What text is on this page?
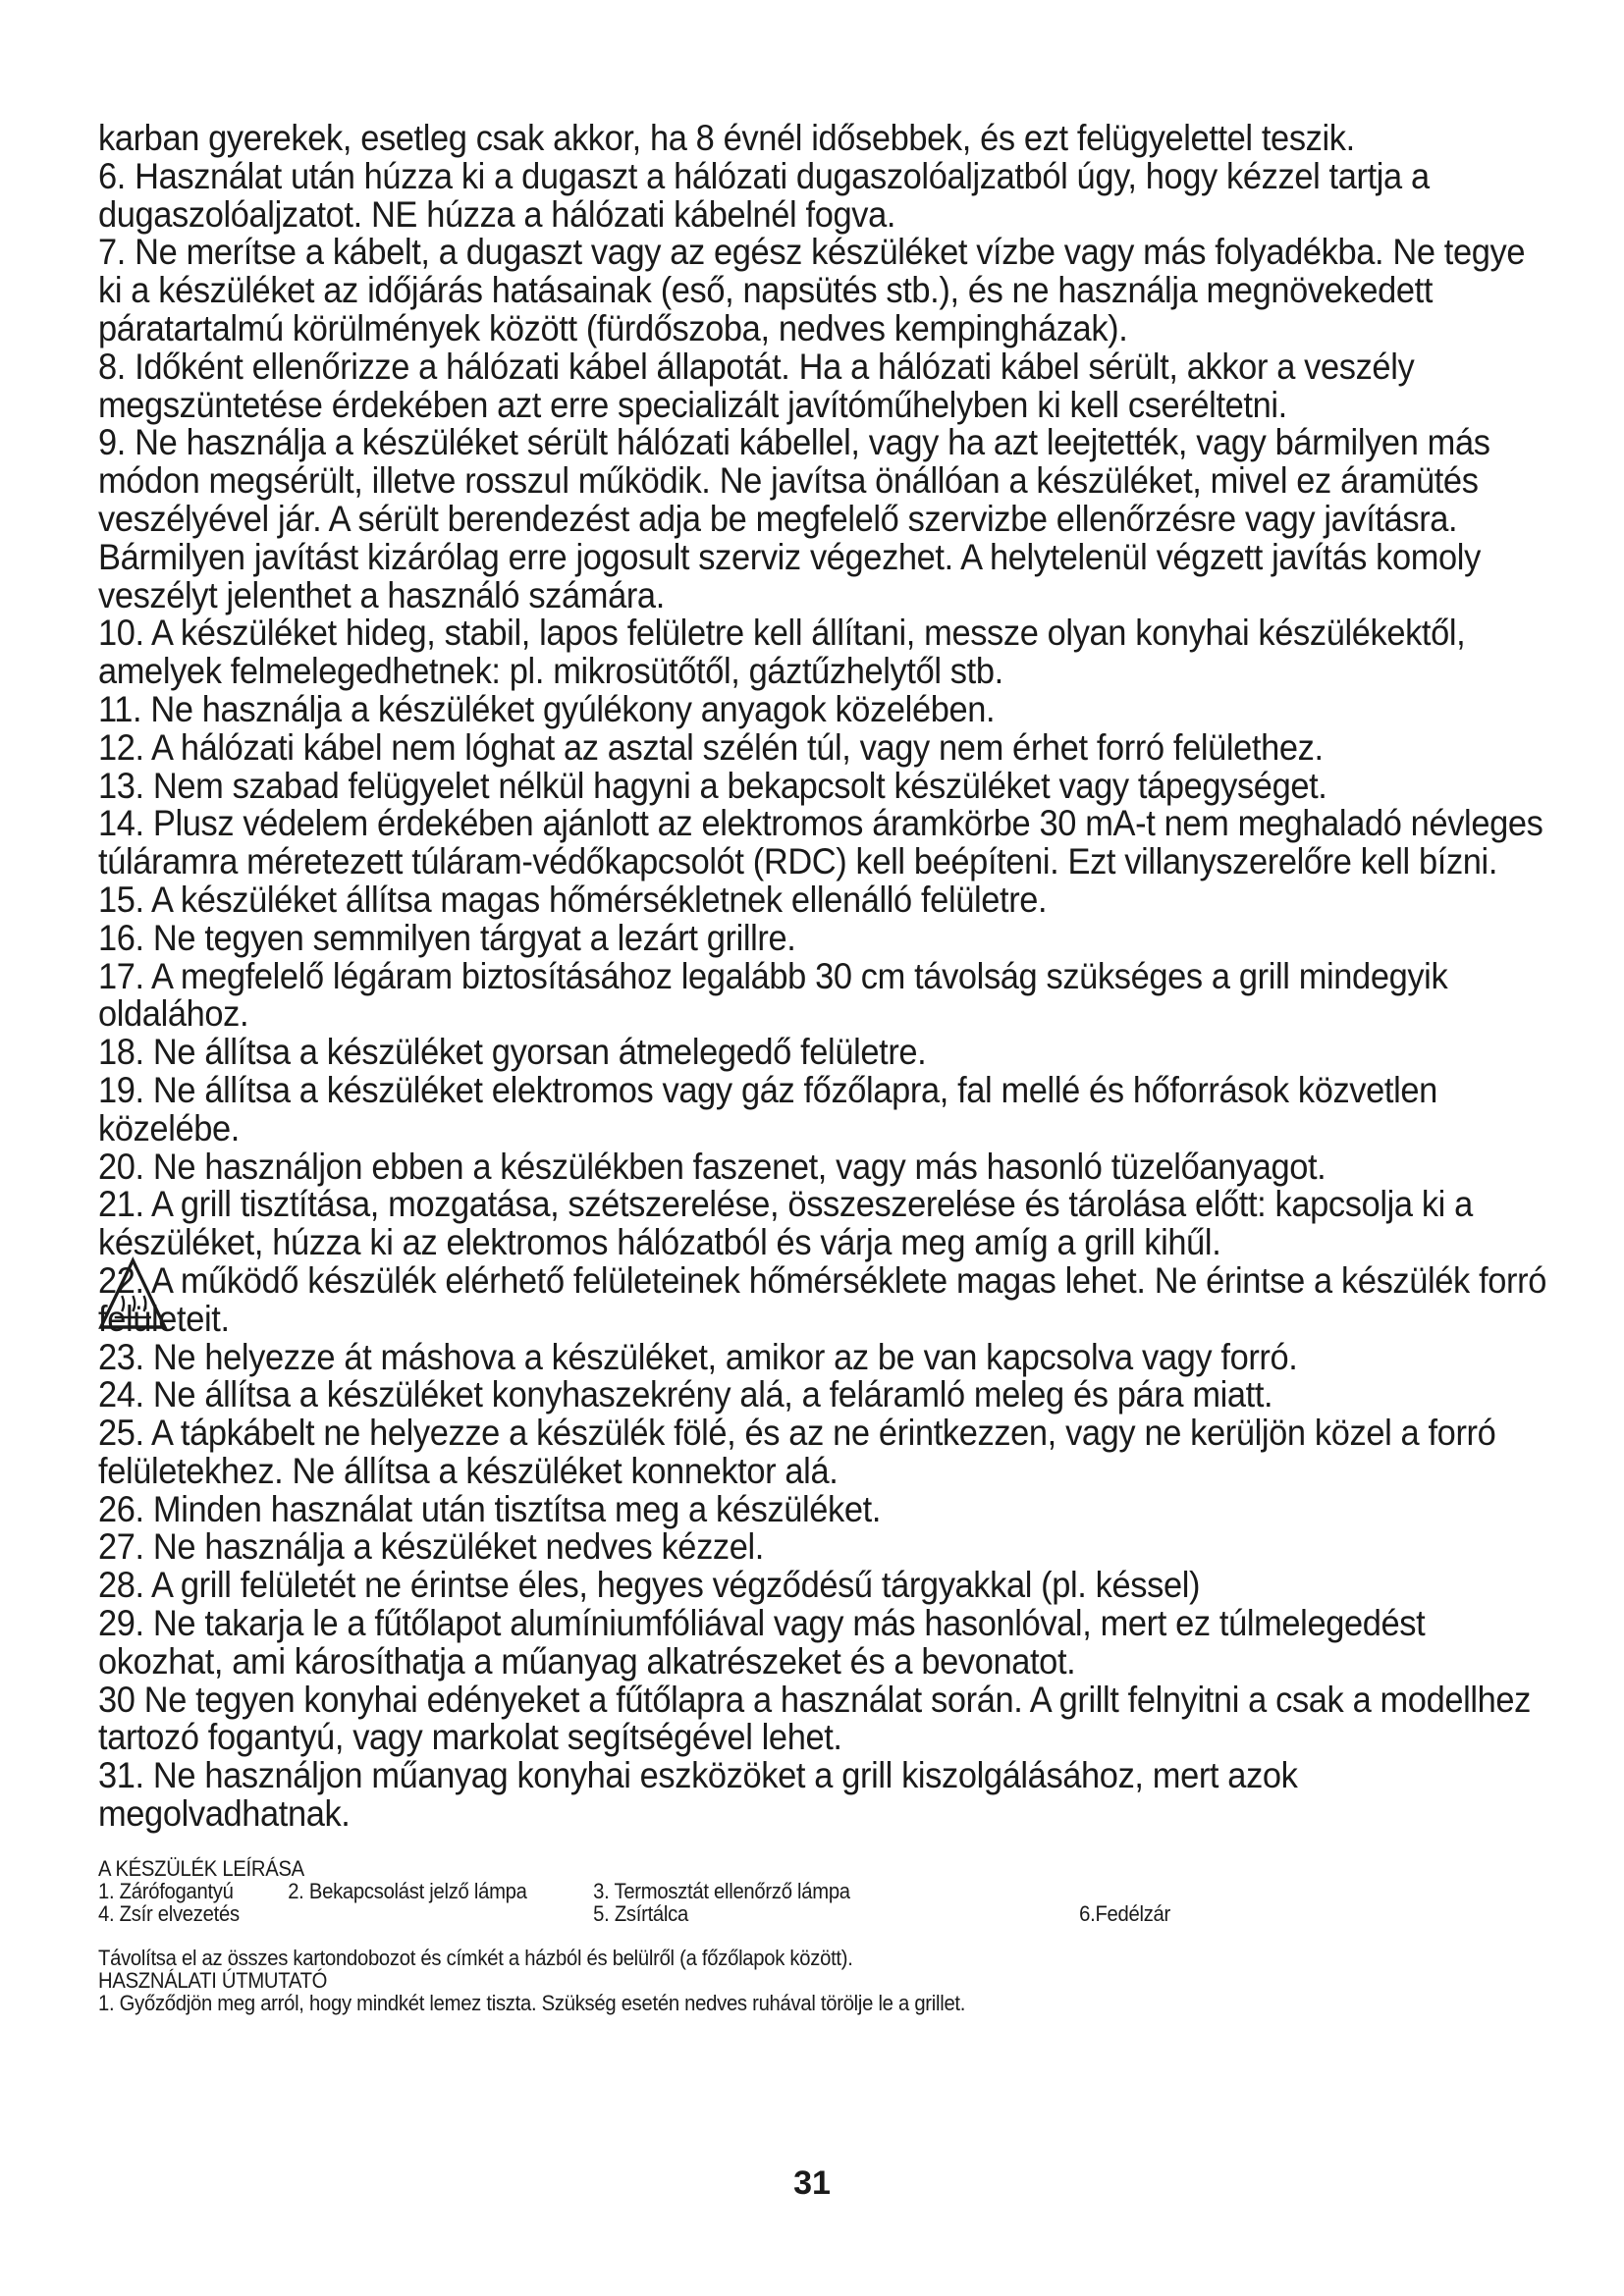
karban gyerekek, esetleg csak akkor, ha 8 évnél idősebbek, és ezt felügyelettel teszik.

6. Használat után húzza ki a dugaszt a hálózati dugaszolóaljzatból úgy, hogy kézzel tartja a dugaszolóaljzatot. NE húzza a hálózati kábelnél fogva.

7. Ne merítse a kábelt, a dugaszt vagy az egész készüléket vízbe vagy más folyadékba. Ne tegye ki a készüléket az időjárás hatásainak (eső, napsütés stb.), és ne használja megnövekedett páratartalmú körülmények között (fürdőszoba, nedves kempingházak).

8. Időként ellenőrizze a hálózati kábel állapotát. Ha a hálózati kábel sérült, akkor a veszély megszüntetése érdekében azt erre specializált javítóműhelyben ki kell cseréltetni.

9. Ne használja a készüléket sérült hálózati kábellel, vagy ha azt leejtették, vagy bármilyen más módon megsérült, illetve rosszul működik. Ne javítsa önállóan a készüléket, mivel ez áramütés veszélyével jár. A sérült berendezést adja be megfelelő szervizbe ellenőrzésre vagy javításra. Bármilyen javítást kizárólag erre jogosult szerviz végezhet. A helytelenül végzett javítás komoly veszélyt jelenthet a használó számára.

10. A készüléket hideg, stabil, lapos felületre kell állítani, messze olyan konyhai készülékektől, amelyek felmelegedhetnek: pl. mikrosütőtől, gáztűzhelytől stb.

11. Ne használja a készüléket gyúlékony anyagok közelében.

12. A hálózati kábel nem lóghat az asztal szélén túl, vagy nem érhet forró felülethez.

13. Nem szabad felügyelet nélkül hagyni a bekapcsolt készüléket vagy tápegységet.

14. Plusz védelem érdekében ajánlott az elektromos áramkörbe 30 mA-t nem meghaladó névleges túláramra méretezett túláram-védőkapcsolót (RDC) kell beépíteni. Ezt villanyszerelőre kell bízni.

15. A készüléket állítsa magas hőmérsékletnek ellenálló felületre.

16. Ne tegyen semmilyen tárgyat a lezárt grillre.

17. A megfelelő légáram biztosításához legalább 30 cm távolság szükséges a grill mindegyik oldalához.

18. Ne állítsa a készüléket gyorsan átmelegedő felületre.

19. Ne állítsa a készüléket elektromos vagy gáz főzőlapra, fal mellé és hőforrások közvetlen közelébe.

20. Ne használjon ebben a készülékben faszenet, vagy más hasonló tüzelőanyagot.

21. A grill tisztítása, mozgatása, szétszerelése, összeszerelése és tárolása előtt: kapcsolja ki a készüléket, húzza ki az elektromos hálózatból és várja meg amíg a grill kihűl.

22. A működő készülék elérhető felületeinek hőmérséklete magas lehet. Ne érintse a készülék forró felületeit.

23. Ne helyezze át máshova a készüléket, amikor az be van kapcsolva vagy forró.

24. Ne állítsa a készüléket konyhaszekrény alá, a feláramló meleg és pára miatt.

25. A tápkábelt ne helyezze a készülék fölé, és az ne érintkezzen, vagy ne kerüljön közel a forró felületekhez. Ne állítsa a készüléket konnektor alá.

26. Minden használat után tisztítsa meg a készüléket.

27. Ne használja a készüléket nedves kézzel.

28. A grill felületét ne érintse éles, hegyes végződésű tárgyakkal (pl. késsel)

29. Ne takarja le a fűtőlapot alumíniumfóliával vagy más hasonlóval, mert ez túlmelegedést okozhat, ami károsíthatja a műanyag alkatrészeket és a bevonatot.

30 Ne tegyen konyhai edényeket a fűtőlapra a használat során. A grillt felnyitni a csak a modellhez tartozó fogantyú, vagy markolat segítségével lehet.

31. Ne használjon műanyag konyhai eszközöket a grill kiszolgálásához, mert azok megolvadhatnak.

A KÉSZÜLÉK LEÍRÁSA

1. Zárófogantyú	2. Bekapcsolást jelző lámpa	3. Termosztát ellenőrző lámpa
4. Zsír elvezetés	5. Zsírtálca	6.Fedélzár

Távolítsa el az összes kartondobozot és címkét a házból és belülről (a főzőlapok között).

HASZNÁLATI ÚTMUTATÓ

1. Győződjön meg arról, hogy mindkét lemez tiszta. Szükség esetén nedves ruhával törölje le a grillet.

31
